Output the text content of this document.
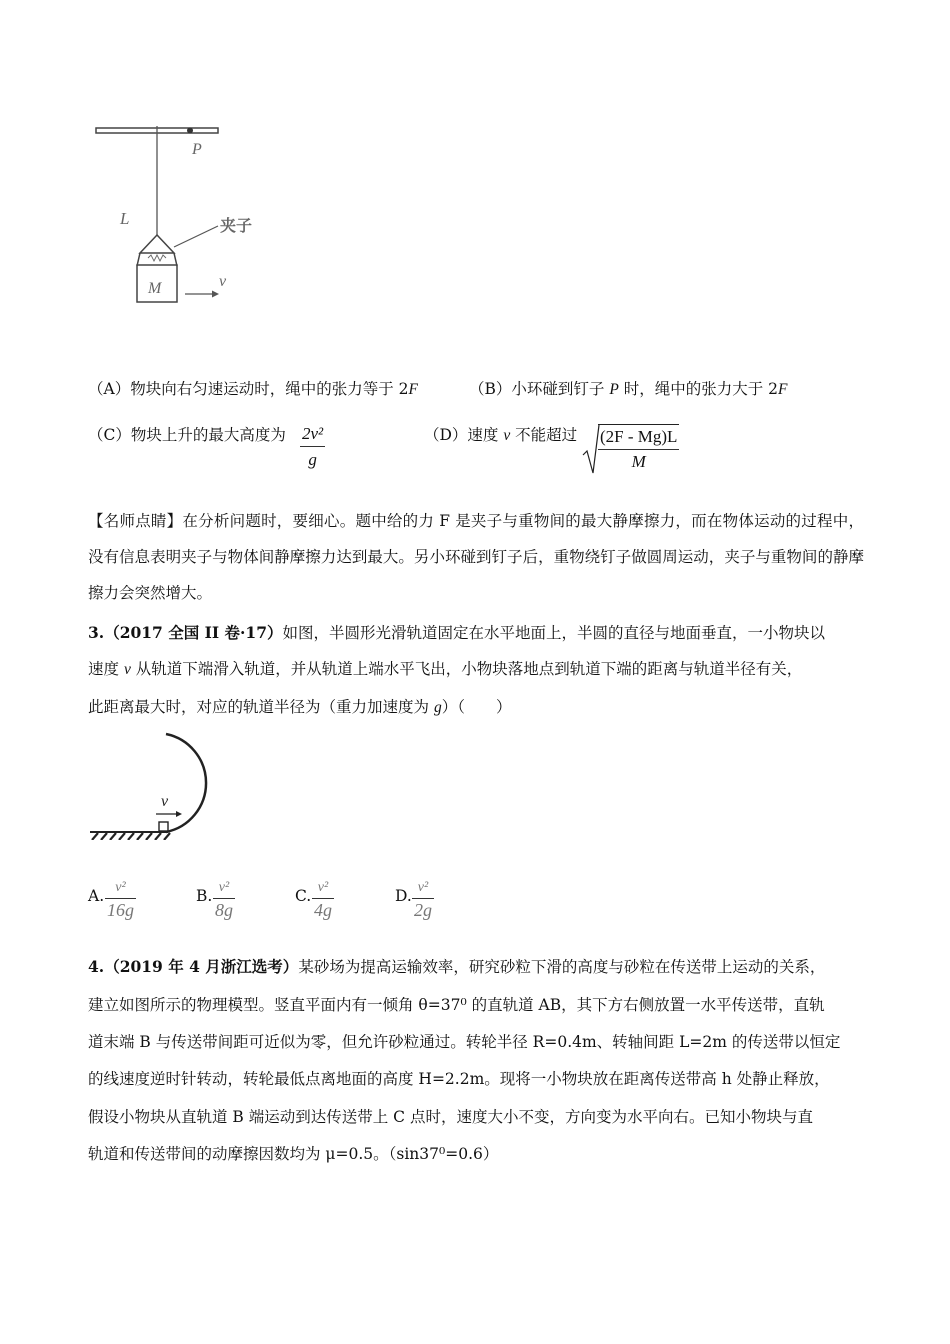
P
L	夹子
M	v
（A）物块向右匀速运动时，绳中的张力等于 2F	（B）小环碰到钉子 P 时，绳中的张力大于 2F
（C）物块上升的最大高度为 $\frac{\text{2v²}}{g}$	（D）速度 v 不能超过 $\frac{(2F - Mg)L}{M}$
【名师点睛】在分析问题时，要细心。题中给的力 F 是夹子与重物间的最大静摩擦力，而在物体运动的过程中，没有信息表明夹子与物体间静摩擦力达到最大。另小环碰到钉子后，重物绕钉子做圆周运动，夹子与重物间的静摩擦力会突然增大。
3.（2017 全国 II 卷·17）如图，半圆形光滑轨道固定在水平地面上，半圆的直径与地面垂直，一小物块以
速度 v 从轨道下端滑入轨道，并从轨道上端水平飞出，小物块落地点到轨道下端的距离与轨道半径有关，
此距离最大时，对应的轨道半径为（重力加速度为 g）（　　）
v
A. v²
16g
B. v²
8g
C. v²
4g
D. v²
2g
4.（2019 年 4 月浙江选考）某砂场为提高运输效率，研究砂粒下滑的高度与砂粒在传送带上运动的关系，
建立如图所示的物理模型。竖直平面内有一倾角 θ=37⁰ 的直轨道 AB，其下方右侧放置一水平传送带，直轨
道末端 B 与传送带间距可近似为零，但允许砂粒通过。转轮半径 R=0.4m、转轴间距 L=2m 的传送带以恒定
的线速度逆时针转动，转轮最低点离地面的高度 H=2.2m。现将一小物块放在距离传送带高 h 处静止释放，
假设小物块从直轨道 B 端运动到达传送带上 C 点时，速度大小不变，方向变为水平向右。已知小物块与直
轨道和传送带间的动摩擦因数均为 μ=0.5。（sin37⁰=0.6）
